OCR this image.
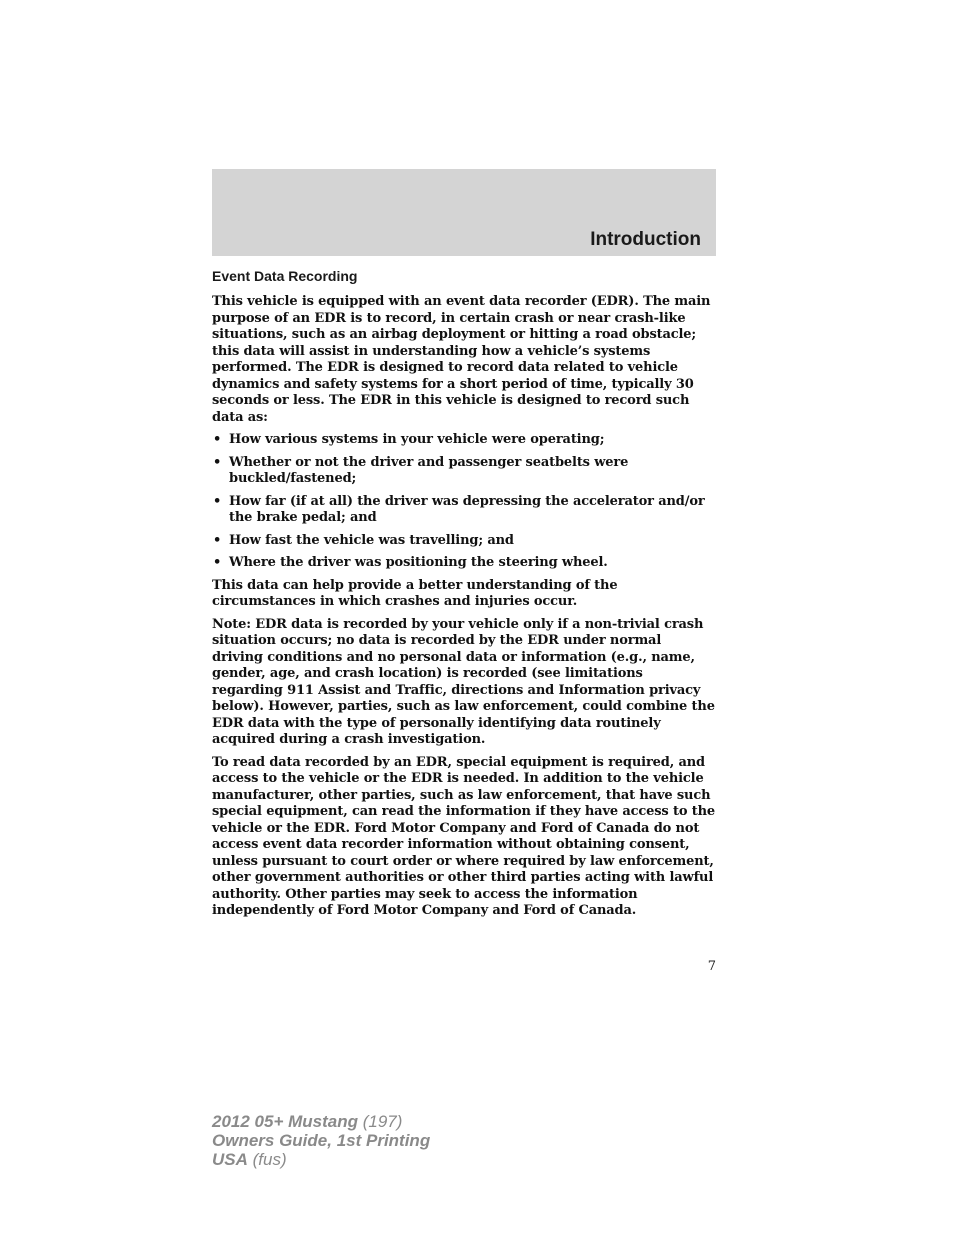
Introduction
Event Data Recording

This vehicle is equipped with an event data recorder (EDR). The main purpose of an EDR is to record, in certain crash or near crash-like situations, such as an airbag deployment or hitting a road obstacle; this data will assist in understanding how a vehicle’s systems performed. The EDR is designed to record data related to vehicle dynamics and safety systems for a short period of time, typically 30 seconds or less. The EDR in this vehicle is designed to record such data as:

• How various systems in your vehicle were operating;
• Whether or not the driver and passenger seatbelts were buckled/fastened;
• How far (if at all) the driver was depressing the accelerator and/or the brake pedal; and
• How fast the vehicle was travelling; and
• Where the driver was positioning the steering wheel.

This data can help provide a better understanding of the circumstances in which crashes and injuries occur.

Note: EDR data is recorded by your vehicle only if a non-trivial crash situation occurs; no data is recorded by the EDR under normal driving conditions and no personal data or information (e.g., name, gender, age, and crash location) is recorded (see limitations regarding 911 Assist and Traffic, directions and Information privacy below). However, parties, such as law enforcement, could combine the EDR data with the type of personally identifying data routinely acquired during a crash investigation.

To read data recorded by an EDR, special equipment is required, and access to the vehicle or the EDR is needed. In addition to the vehicle manufacturer, other parties, such as law enforcement, that have such special equipment, can read the information if they have access to the vehicle or the EDR. Ford Motor Company and Ford of Canada do not access event data recorder information without obtaining consent, unless pursuant to court order or where required by law enforcement, other government authorities or other third parties acting with lawful authority. Other parties may seek to access the information independently of Ford Motor Company and Ford of Canada.

7
2012 05+ Mustang (197)
Owners Guide, 1st Printing
USA (fus)
